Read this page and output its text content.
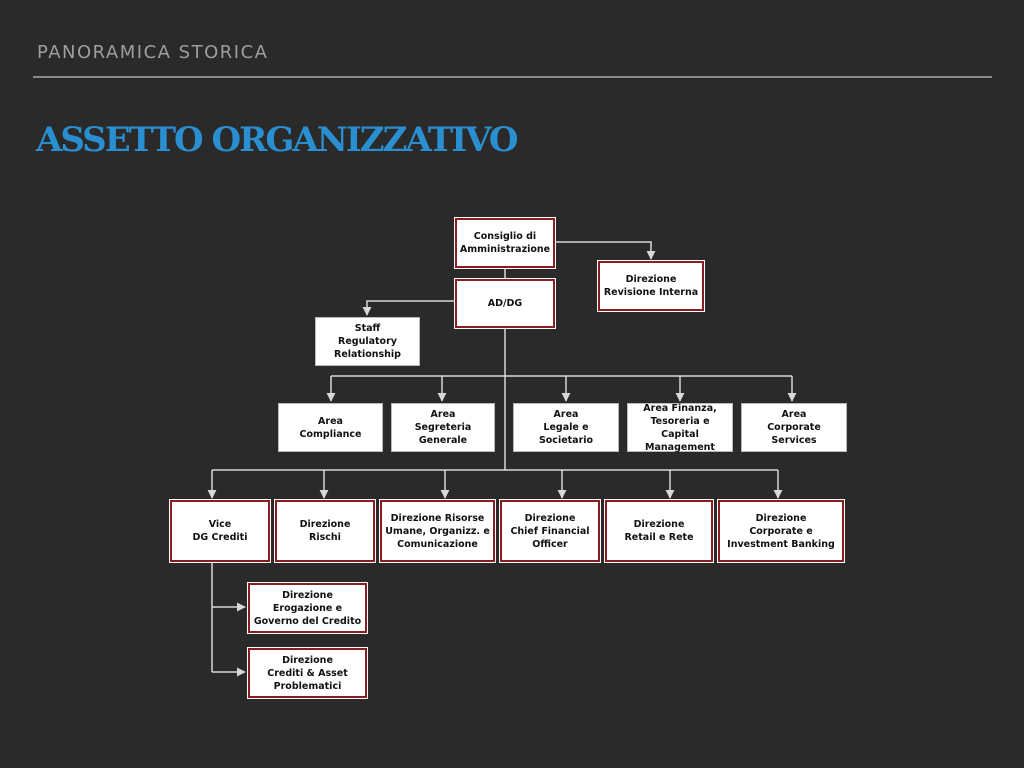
PANORAMICA STORICA
ASSETTO ORGANIZZATIVO
Consiglio di
Amministrazione
Direzione
Revisione Interna
AD/DG
Staff
Regulatory
Relationship
Area
Compliance
Area
Segreteria
Generale
Area
Legale e Societario
Area Finanza,
Tesoreria e Capital
Management
Area
Corporate Services
Vice
DG Crediti
Direzione
Rischi
Direzione Risorse
Umane, Organizz. e
Comunicazione
Direzione
Chief Financial
Officer
Direzione
Retail e Rete
Direzione
Corporate e
Investment Banking
Direzione
Erogazione e
Governo del Credito
Direzione
Crediti & Asset
Problematici
